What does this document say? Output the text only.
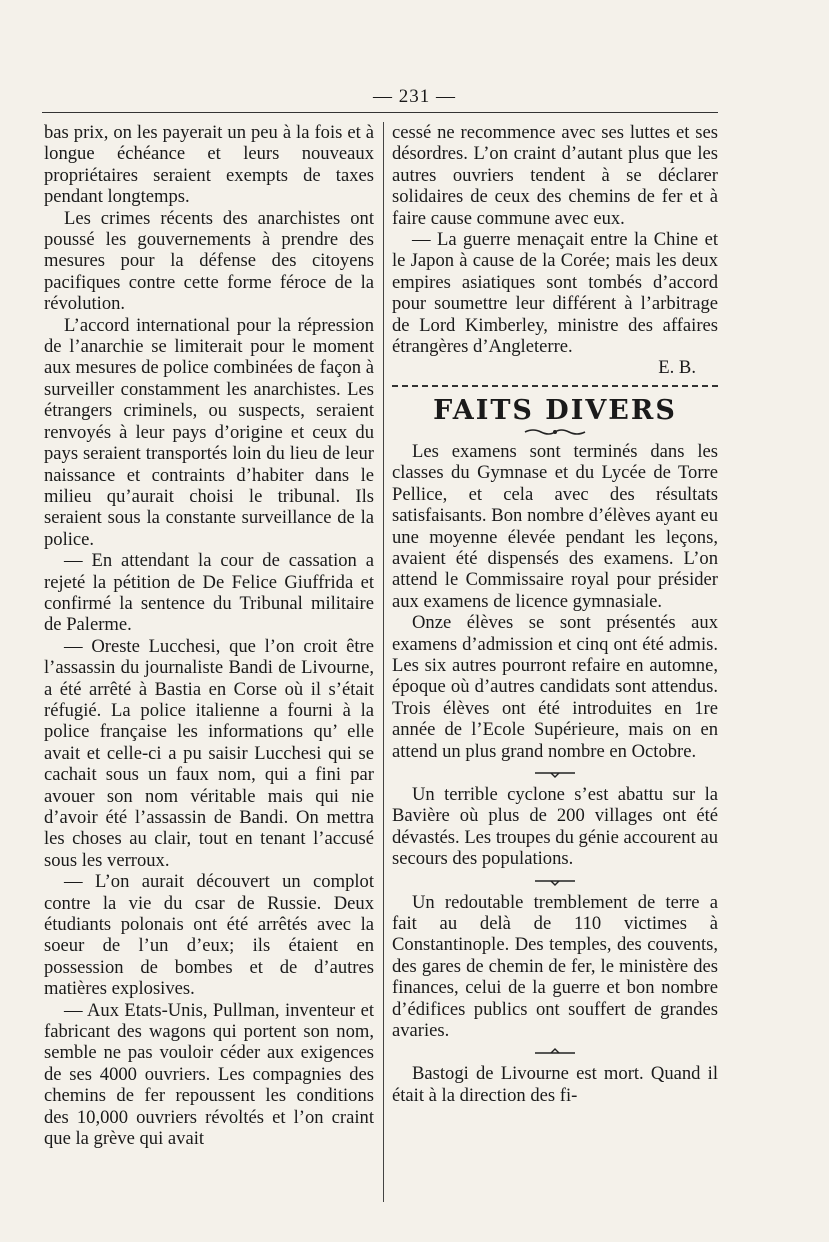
— 231 —

bas prix, on les payerait un peu à la fois et à longue échéance et leurs nouveaux propriétaires seraient exempts de taxes pendant longtemps.

Les crimes récents des anarchistes ont poussé les gouvernements à prendre des mesures pour la défense des citoyens pacifiques contre cette forme féroce de la révolution.

L’accord international pour la répression de l’anarchie se limiterait pour le moment aux mesures de police combinées de façon à surveiller constamment les anarchistes. Les étrangers criminels, ou suspects, seraient renvoyés à leur pays d’origine et ceux du pays seraient transportés loin du lieu de leur naissance et contraints d’habiter dans le milieu qu’aurait choisi le tribunal. Ils seraient sous la constante surveillance de la police.

— En attendant la cour de cassation a rejeté la pétition de De Felice Giuffrida et confirmé la sentence du Tribunal militaire de Palerme.

— Oreste Lucchesi, que l’on croit être l’assassin du journaliste Bandi de Livourne, a été arrêté à Bastia en Corse où il s’était réfugié. La police italienne a fourni à la police française les informations qu’ elle avait et celle-ci a pu saisir Lucchesi qui se cachait sous un faux nom, qui a fini par avouer son nom véritable mais qui nie d’avoir été l’assassin de Bandi. On mettra les choses au clair, tout en tenant l’accusé sous les verroux.

— L’on aurait découvert un complot contre la vie du csar de Russie. Deux étudiants polonais ont été arrêtés avec la soeur de l’un d’eux; ils étaient en possession de bombes et de d’autres matières explosives.

— Aux Etats-Unis, Pullman, inventeur et fabricant des wagons qui portent son nom, semble ne pas vouloir céder aux exigences de ses 4000 ouvriers. Les compagnies des chemins de fer repoussent les conditions des 10,000 ouvriers révoltés et l’on craint que la grève qui avait

cessé ne recommence avec ses luttes et ses désordres. L’on craint d’autant plus que les autres ouvriers tendent à se déclarer solidaires de ceux des chemins de fer et à faire cause commune avec eux.

— La guerre menaçait entre la Chine et le Japon à cause de la Corée; mais les deux empires asiatiques sont tombés d’accord pour soumettre leur différent à l’arbitrage de Lord Kimberley, ministre des affaires étrangères d’Angleterre.

E. B.

FAITS DIVERS

Les examens sont terminés dans les classes du Gymnase et du Lycée de Torre Pellice, et cela avec des résultats satisfaisants. Bon nombre d’élèves ayant eu une moyenne élevée pendant les leçons, avaient été dispensés des examens. L’on attend le Commissaire royal pour présider aux examens de licence gymnasiale.

Onze élèves se sont présentés aux examens d’admission et cinq ont été admis. Les six autres pourront refaire en automne, époque où d’autres candidats sont attendus. Trois élèves ont été introduites en 1re année de l’Ecole Supérieure, mais on en attend un plus grand nombre en Octobre.

Un terrible cyclone s’est abattu sur la Bavière où plus de 200 villages ont été dévastés. Les troupes du génie accourent au secours des populations.

Un redoutable tremblement de terre a fait au delà de 110 victimes à Constantinople. Des temples, des couvents, des gares de chemin de fer, le ministère des finances, celui de la guerre et bon nombre d’édifices publics ont souffert de grandes avaries.

Bastogi de Livourne est mort. Quand il était à la direction des fi-
